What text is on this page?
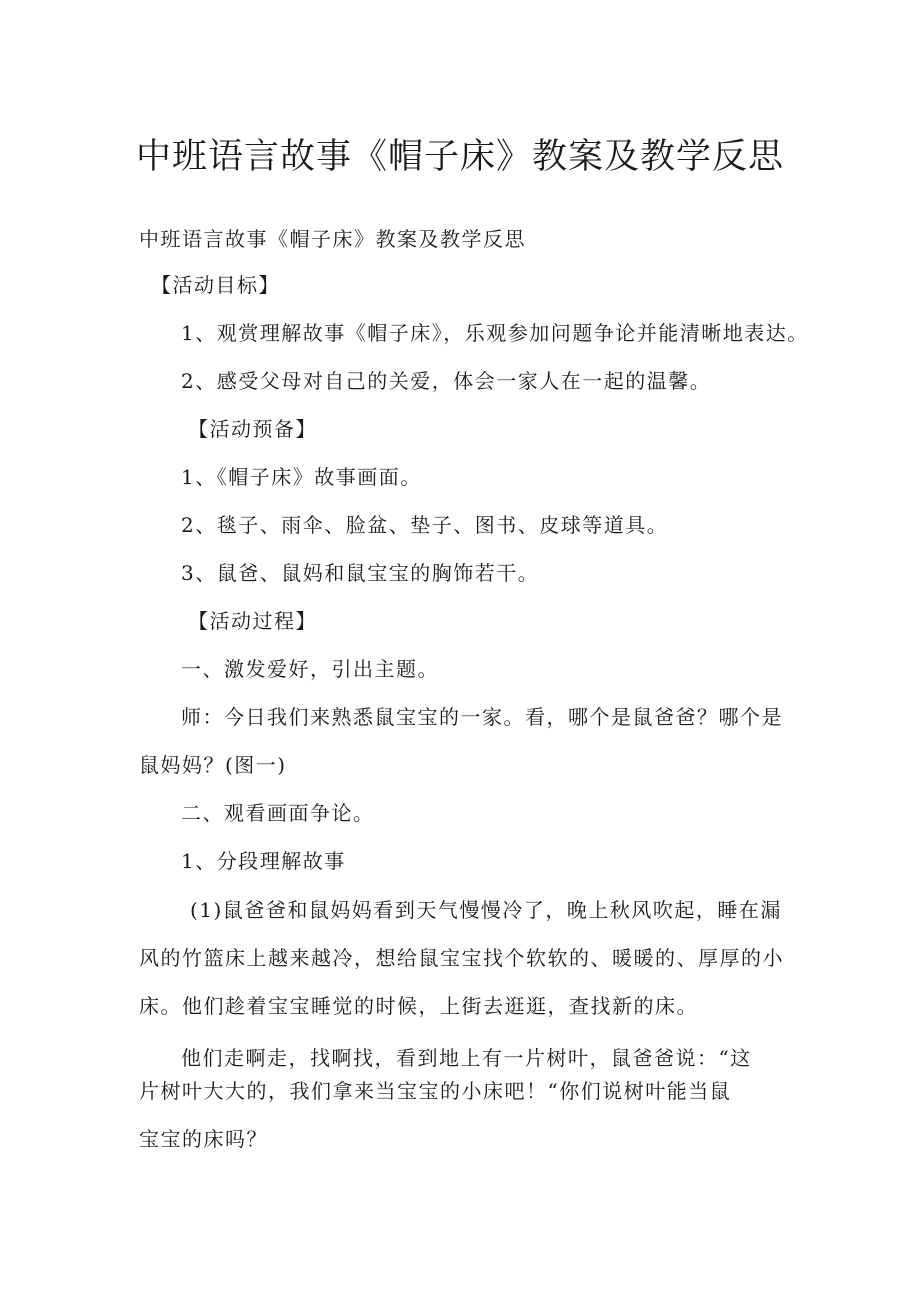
中班语言故事《帽子床》教案及教学反思
中班语言故事《帽子床》教案及教学反思
【活动目标】
1、观赏理解故事《帽子床》，乐观参加问题争论并能清晰地表达。
2、感受父母对自己的关爱，体会一家人在一起的温馨。
【活动预备】
1、《帽子床》故事画面。
2、毯子、雨伞、脸盆、垫子、图书、皮球等道具。
3、鼠爸、鼠妈和鼠宝宝的胸饰若干。
【活动过程】
一、激发爱好，引出主题。
师：今日我们来熟悉鼠宝宝的一家。看，哪个是鼠爸爸？哪个是
鼠妈妈？(图一)
二、观看画面争论。
1、分段理解故事
(1)鼠爸爸和鼠妈妈看到天气慢慢冷了，晚上秋风吹起，睡在漏
风的竹篮床上越来越冷，想给鼠宝宝找个软软的、暖暖的、厚厚的小
床。他们趁着宝宝睡觉的时候，上街去逛逛，查找新的床。
他们走啊走，找啊找，看到地上有一片树叶，鼠爸爸说：“这
片树叶大大的，我们拿来当宝宝的小床吧！“你们说树叶能当鼠
宝宝的床吗？
